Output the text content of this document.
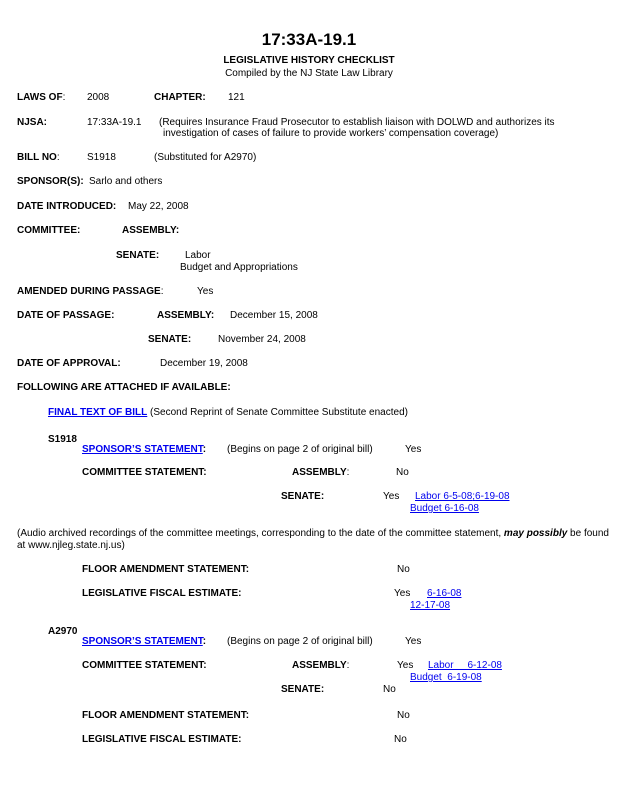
17:33A-19.1
LEGISLATIVE HISTORY CHECKLIST
Compiled by the NJ State Law Library
LAWS OF: 2008	CHAPTER: 121
NJSA:	17:33A-19.1 (Requires Insurance Fraud Prosecutor to establish liaison with DOLWD and authorizes its
investigation of cases of failure to provide workers’ compensation coverage)
BILL NO:	S1918	(Substituted for A2970)
SPONSOR(S): Sarlo and others
DATE INTRODUCED: May 22, 2008
COMMITTEE:	ASSEMBLY:
SENATE:	Labor
Budget and Appropriations
AMENDED DURING PASSAGE:	Yes
DATE OF PASSAGE:	ASSEMBLY: December 15, 2008
SENATE:	November 24, 2008
DATE OF APPROVAL:	December 19, 2008
FOLLOWING ARE ATTACHED IF AVAILABLE:
FINAL TEXT OF BILL (Second Reprint of Senate Committee Substitute enacted)
S1918
SPONSOR’S STATEMENT: (Begins on page 2 of original bill)	Yes
COMMITTEE STATEMENT:	ASSEMBLY:	No
SENATE:	Yes Labor 6-5-08;6-19-08
Budget 6-16-08
(Audio archived recordings of the committee meetings, corresponding to the date of the committee statement, may possibly be found
at www.njleg.state.nj.us)
FLOOR AMENDMENT STATEMENT:	No
LEGISLATIVE FISCAL ESTIMATE:	Yes 6-16-08
12-17-08
A2970
SPONSOR’S STATEMENT: (Begins on page 2 of original bill)	Yes
COMMITTEE STATEMENT:	ASSEMBLY:	Yes Labor     6-12-08
Budget  6-19-08
SENATE:	No
FLOOR AMENDMENT STATEMENT:	No
LEGISLATIVE FISCAL ESTIMATE:	No
